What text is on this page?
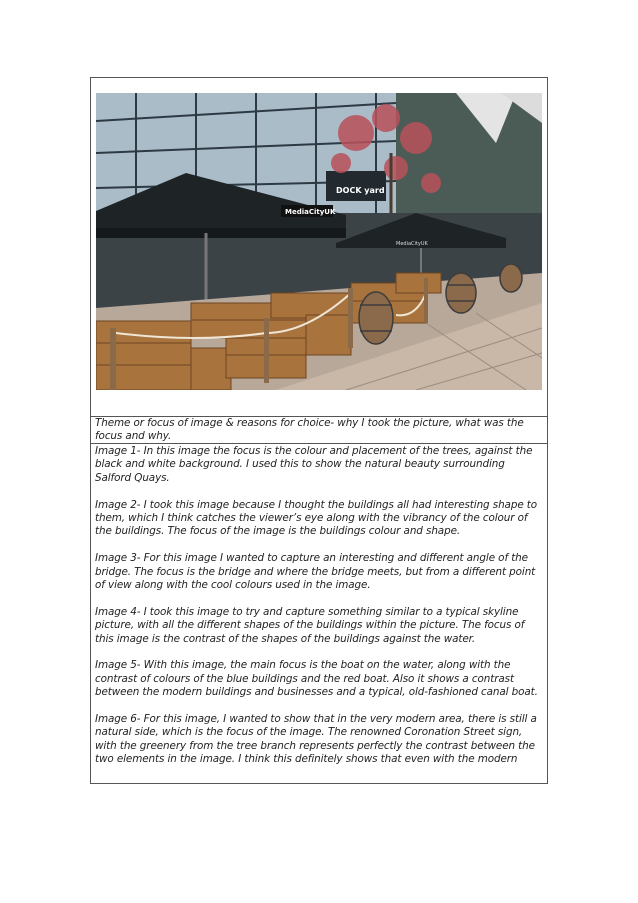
DOCK yard
MediaCityUK
MediaCityUK

Theme or focus of image & reasons for choice- why I took the picture, what was the focus and why.

Image 1- In this image the focus is the colour and placement of the trees, against the black and white background. I used this to show the natural beauty surrounding Salford Quays.

Image 2- I took this image because I thought the buildings all had interesting shape to them, which I think catches the viewer’s eye along with the vibrancy of the colour of the buildings. The focus of the image is the buildings colour and shape.

Image 3- For this image I wanted to capture an interesting and different angle of the bridge. The focus is the bridge and where the bridge meets, but from a different point of view along with the cool colours used in the image.

Image 4- I took this image to try and capture something similar to a typical skyline picture, with all the different shapes of the buildings within the picture. The focus of this image is the contrast of the shapes of the buildings against the water.

Image 5- With this image, the main focus is the boat on the water, along with the contrast of colours of the blue buildings and the red boat. Also it shows a contrast between the modern buildings and businesses and a typical, old-fashioned canal boat.

Image 6- For this image, I wanted to show that in the very modern area, there is still a natural side, which is the focus of the image. The renowned Coronation Street sign, with the greenery from the tree branch represents perfectly the contrast between the two elements in the image. I think this definitely shows that even with the modern
